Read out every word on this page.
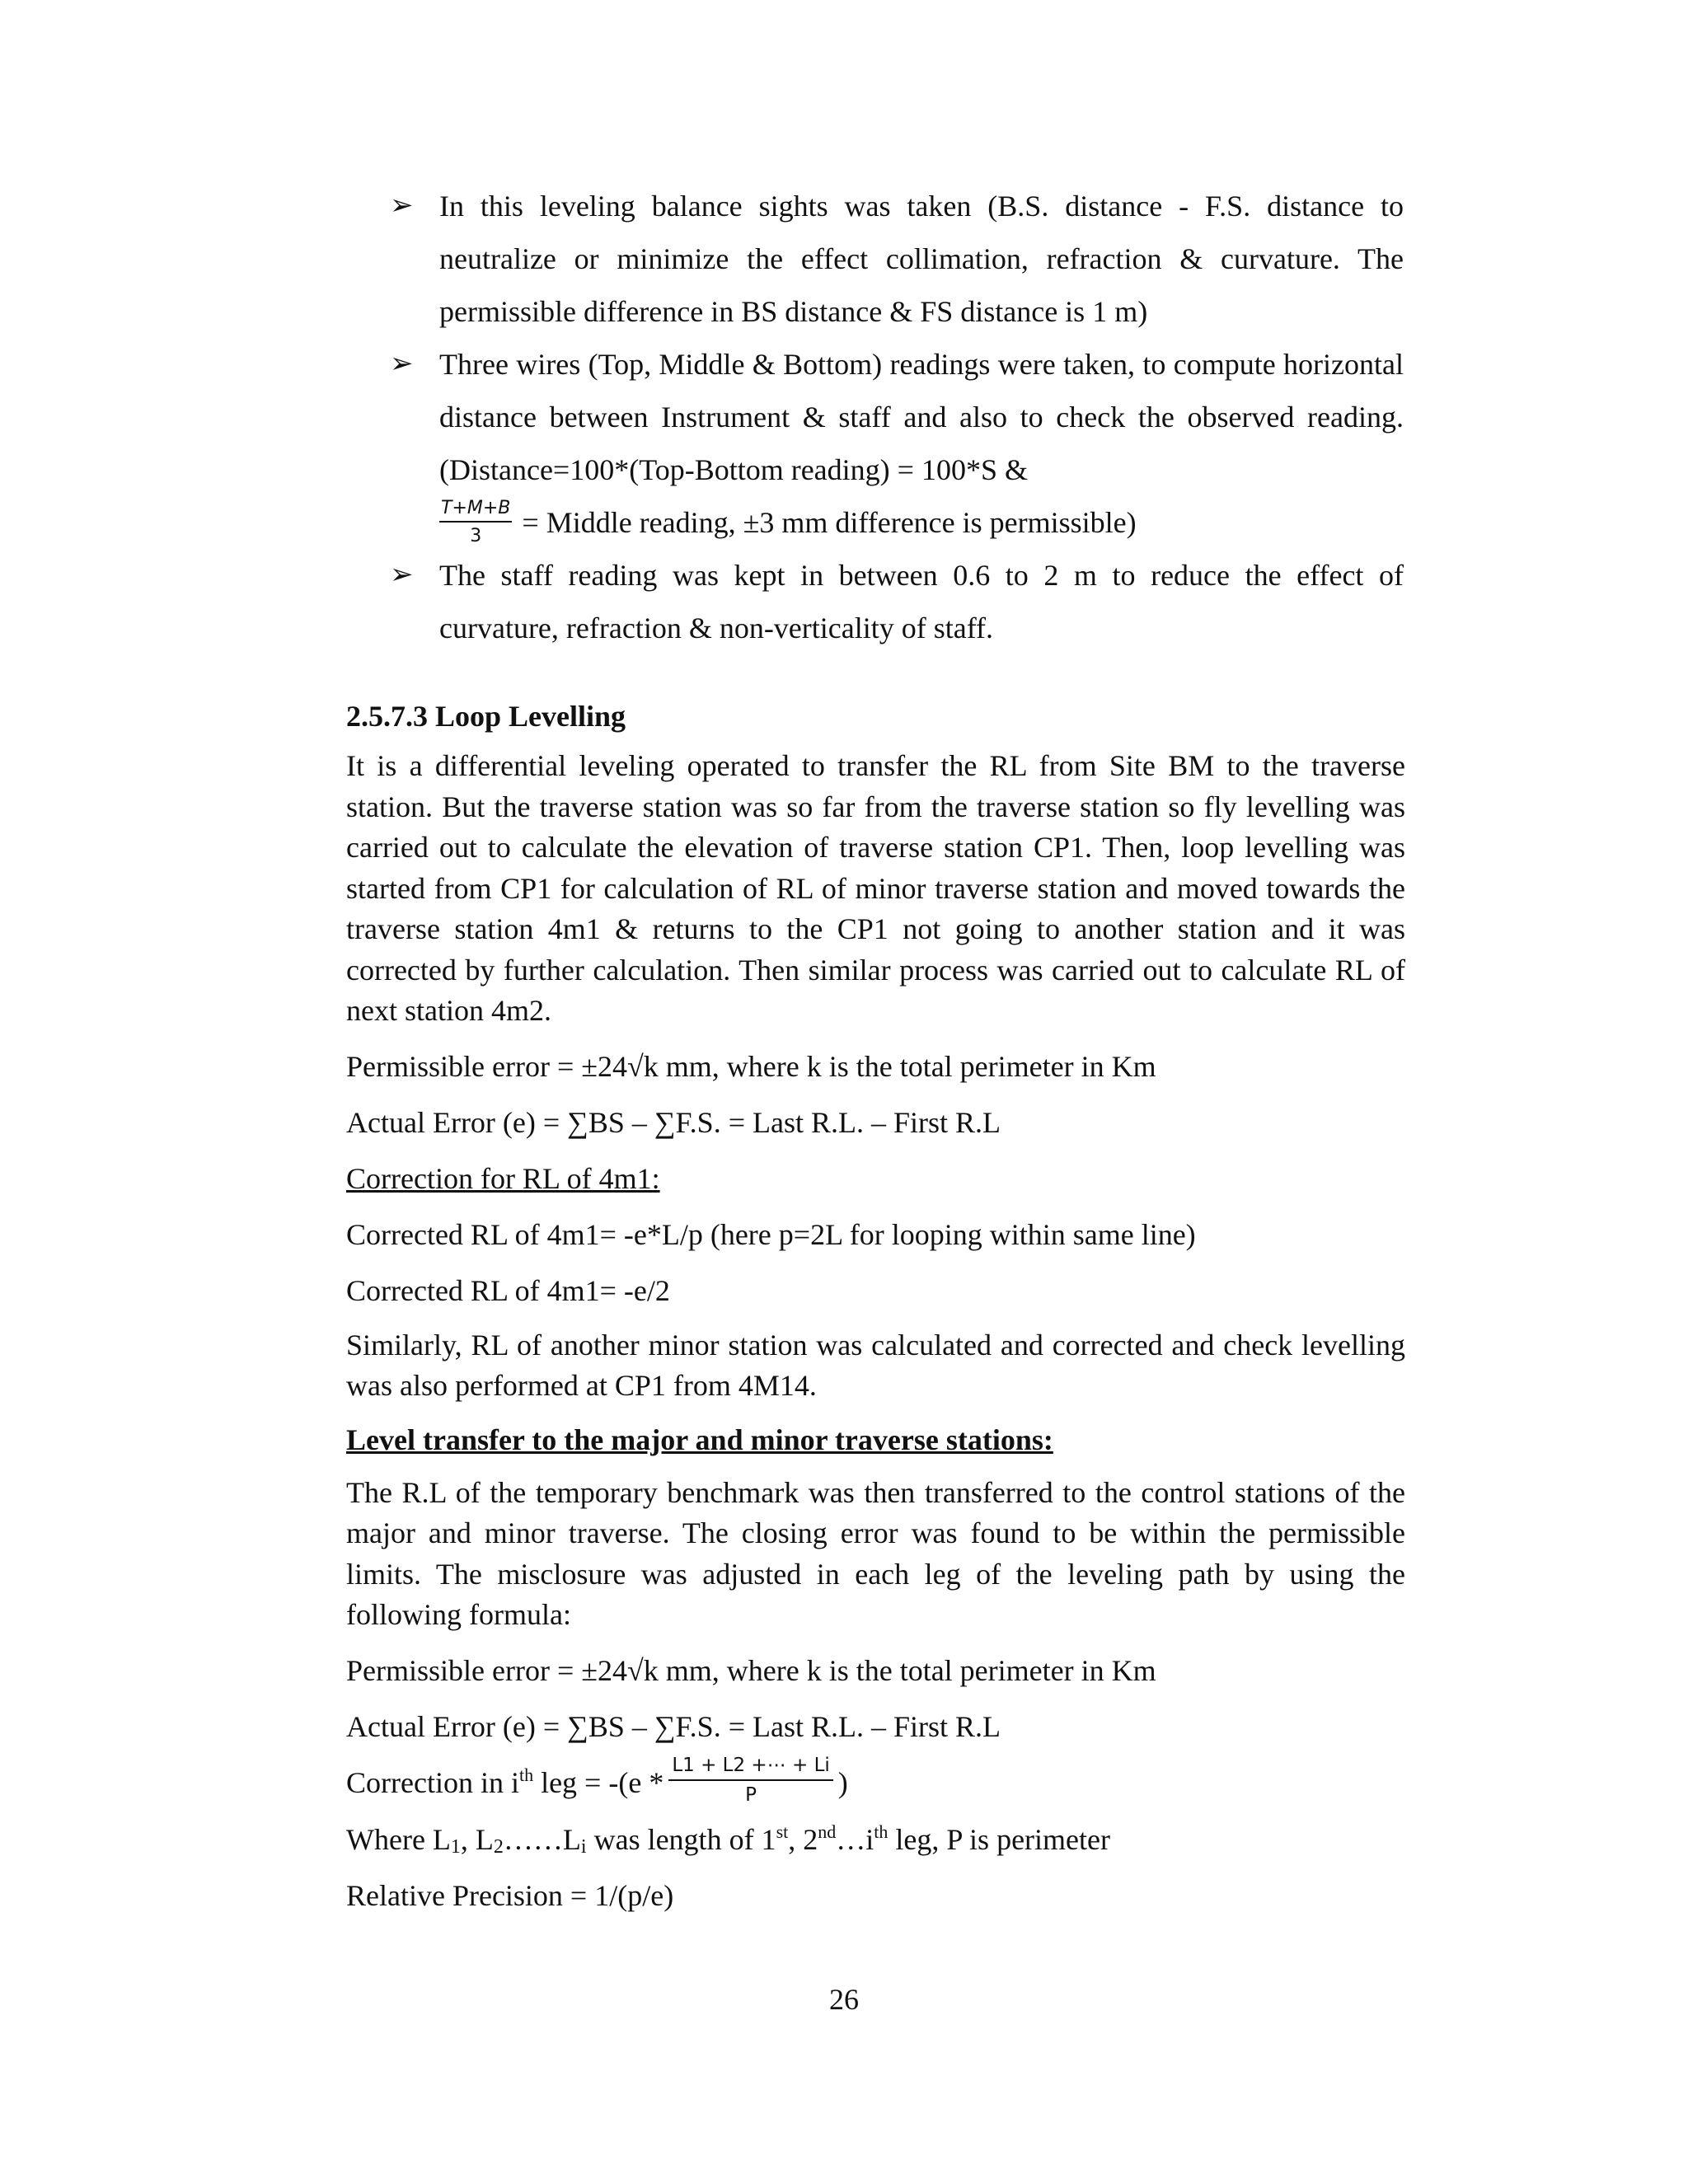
➢ In this leveling balance sights was taken (B.S. distance - F.S. distance to neutralize or minimize the effect collimation, refraction & curvature. The permissible difference in BS distance & FS distance is 1 m)

➢ Three wires (Top, Middle & Bottom) readings were taken, to compute horizontal distance between Instrument & staff and also to check the observed reading. (Distance=100*(Top-Bottom reading) = 100*S &
$\frac{T+M+B}{3}$ = Middle reading, ±3 mm difference is permissible)

➢ The staff reading was kept in between 0.6 to 2 m to reduce the effect of curvature, refraction & non-verticality of staff.

2.5.7.3 Loop Levelling

It is a differential leveling operated to transfer the RL from Site BM to the traverse station. But the traverse station was so far from the traverse station so fly levelling was carried out to calculate the elevation of traverse station CP1. Then, loop levelling was started from CP1 for calculation of RL of minor traverse station and moved towards the traverse station 4m1 & returns to the CP1 not going to another station and it was corrected by further calculation. Then similar process was carried out to calculate RL of next station 4m2.

Permissible error = ±24√k mm, where k is the total perimeter in Km

Actual Error (e) = ∑BS – ∑F.S. = Last R.L. – First R.L

Correction for RL of 4m1:

Corrected RL of 4m1= -e*L/p (here p=2L for looping within same line)

Corrected RL of 4m1= -e/2

Similarly, RL of another minor station was calculated and corrected and check levelling was also performed at CP1 from 4M14.

Level transfer to the major and minor traverse stations:

The R.L of the temporary benchmark was then transferred to the control stations of the major and minor traverse. The closing error was found to be within the permissible limits. The misclosure was adjusted in each leg of the leveling path by using the following formula:

Permissible error = ±24√k mm, where k is the total perimeter in Km

Actual Error (e) = ∑BS – ∑F.S. = Last R.L. – First R.L

Correction in $i^{th}$ leg = $-(e * \frac{L1 + L2 +\cdots + Li}{P}$ )

Where $L_1$, $L_2\dots\dots L_i$ was length of 1st, $2nd\dots i^{th}$ leg, P is perimeter

Relative Precision = 1/(p/e)

26
